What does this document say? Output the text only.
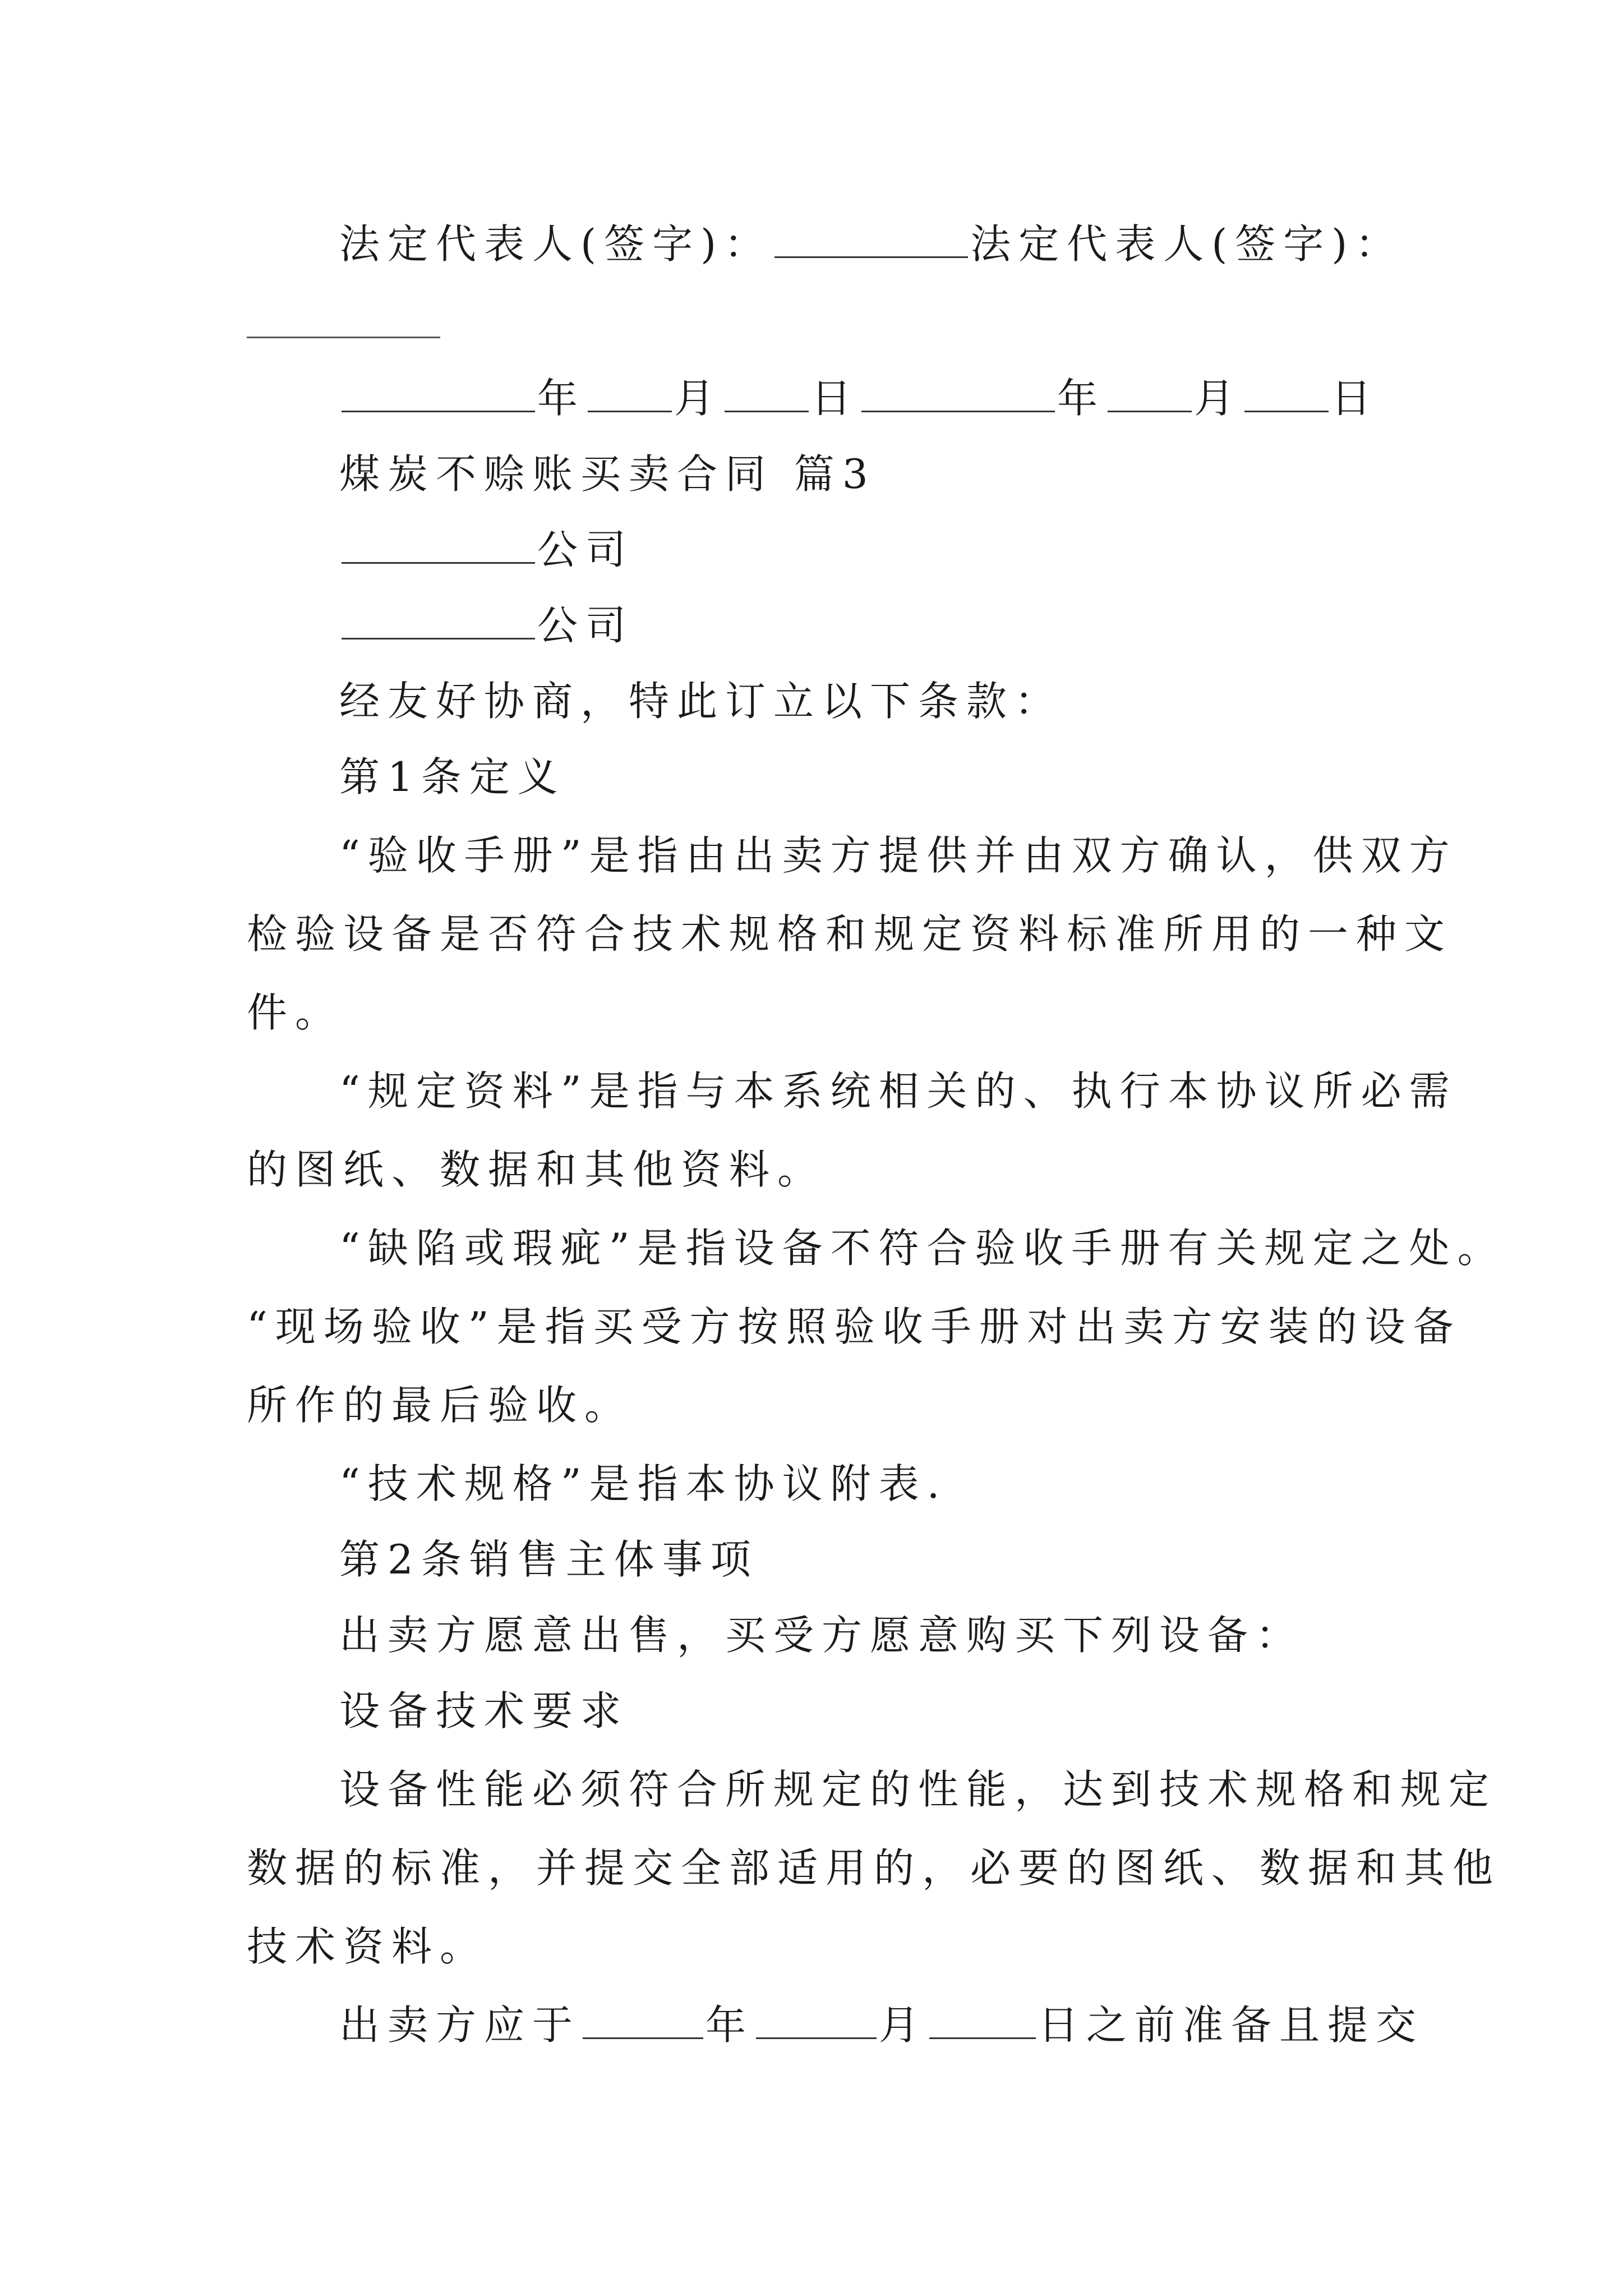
法定代表人(签字)：	法定代表人(签字)：
年 月 日	年 月 日
煤炭不赊账买卖合同 篇3
公司
公司
经友好协商，特此订立以下条款：
第1条定义
“验收手册”是指由出卖方提供并由双方确认，供双方
检验设备是否符合技术规格和规定资料标准所用的一种文
件。
“规定资料”是指与本系统相关的、执行本协议所必需
的图纸、数据和其他资料。
“缺陷或瑕疵”是指设备不符合验收手册有关规定之处。
“现场验收”是指买受方按照验收手册对出卖方安装的设备
所作的最后验收。
“技术规格”是指本协议附表.
第2条销售主体事项
出卖方愿意出售，买受方愿意购买下列设备：
设备技术要求
设备性能必须符合所规定的性能，达到技术规格和规定
数据的标准，并提交全部适用的，必要的图纸、数据和其他
技术资料。
出卖方应于	年	月	日之前准备且提交
